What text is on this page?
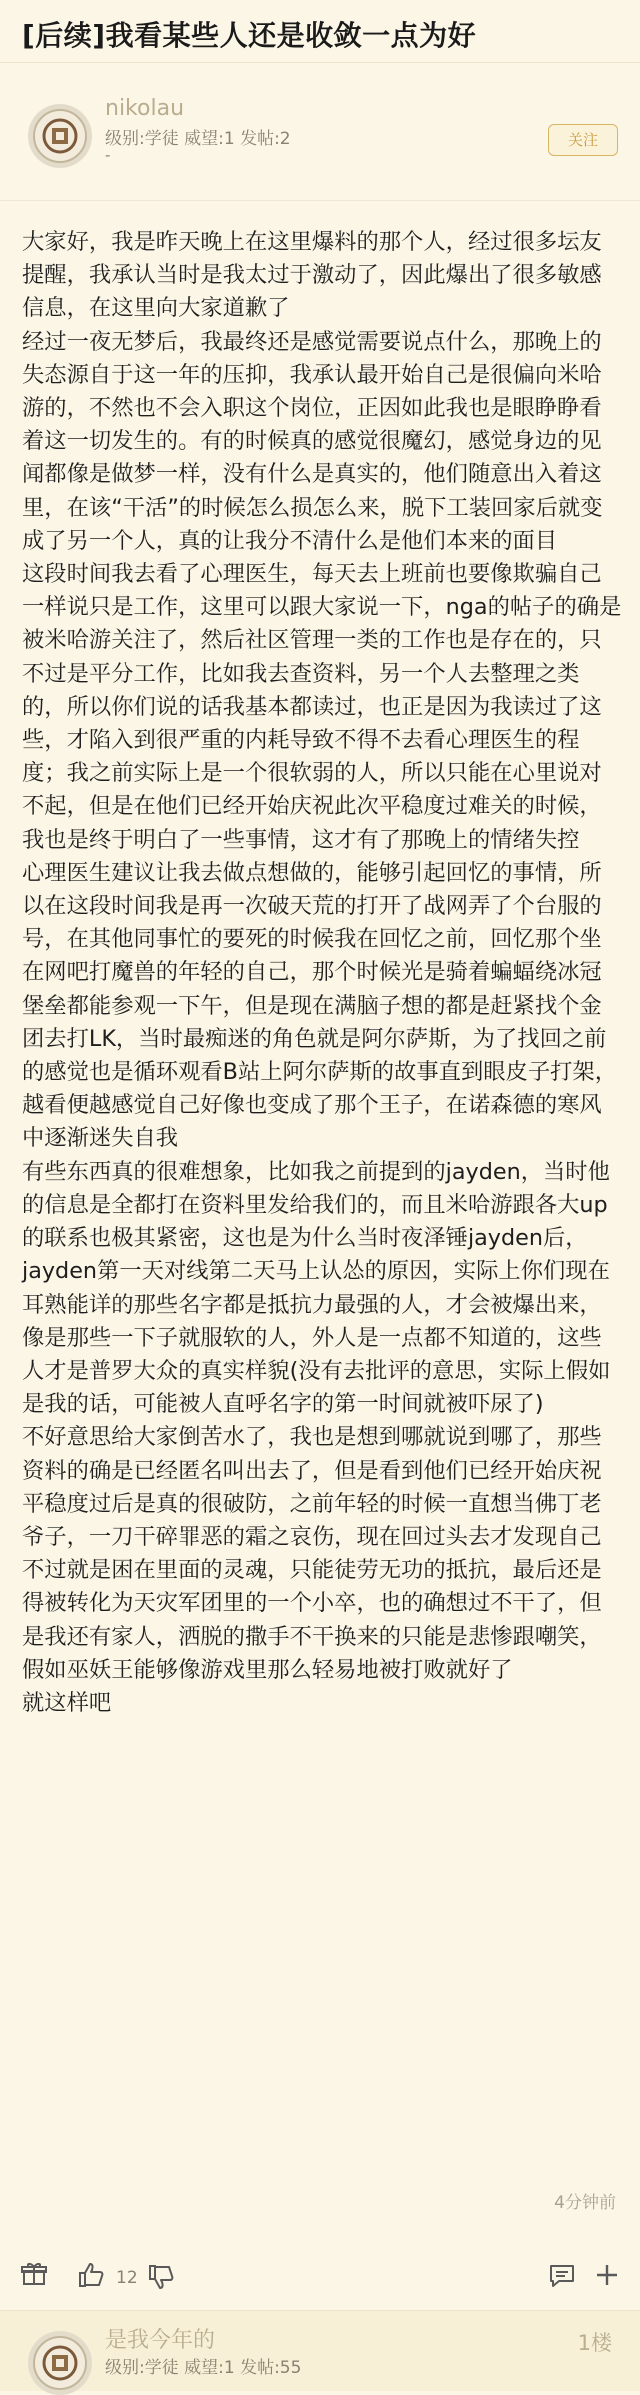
[后续]我看某些人还是收敛一点为好
nikolau
级别:学徒 威望:1 发帖:2
-
关注

大家好，我是昨天晚上在这里爆料的那个人，经过很多坛友提醒，我承认当时是我太过于激动了，因此爆出了很多敏感信息，在这里向大家道歉了

经过一夜无梦后，我最终还是感觉需要说点什么，那晚上的失态源自于这一年的压抑，我承认最开始自己是很偏向米哈游的，不然也不会入职这个岗位，正因如此我也是眼睁睁看着这一切发生的。有的时候真的感觉很魔幻，感觉身边的见闻都像是做梦一样，没有什么是真实的，他们随意出入着这里，在该“干活”的时候怎么损怎么来，脱下工装回家后就变成了另一个人，真的让我分不清什么是他们本来的面目

这段时间我去看了心理医生，每天去上班前也要像欺骗自己一样说只是工作，这里可以跟大家说一下，nga的帖子的确是被米哈游关注了，然后社区管理一类的工作也是存在的，只不过是平分工作，比如我去查资料，另一个人去整理之类的，所以你们说的话我基本都读过，也正是因为我读过了这些，才陷入到很严重的内耗导致不得不去看心理医生的程度；我之前实际上是一个很软弱的人，所以只能在心里说对不起，但是在他们已经开始庆祝此次平稳度过难关的时候，我也是终于明白了一些事情，这才有了那晚上的情绪失控

心理医生建议让我去做点想做的，能够引起回忆的事情，所以在这段时间我是再一次破天荒的打开了战网弄了个台服的号，在其他同事忙的要死的时候我在回忆之前，回忆那个坐在网吧打魔兽的年轻的自己，那个时候光是骑着蝙蝠绕冰冠堡垒都能参观一下午，但是现在满脑子想的都是赶紧找个金团去打LK，当时最痴迷的角色就是阿尔萨斯，为了找回之前的感觉也是循环观看B站上阿尔萨斯的故事直到眼皮子打架，越看便越感觉自己好像也变成了那个王子，在诺森德的寒风中逐渐迷失自我

有些东西真的很难想象，比如我之前提到的jayden，当时他的信息是全都打在资料里发给我们的，而且米哈游跟各大up的联系也极其紧密，这也是为什么当时夜泽锤jayden后，jayden第一天对线第二天马上认怂的原因，实际上你们现在耳熟能详的那些名字都是抵抗力最强的人，才会被爆出来，像是那些一下子就服软的人，外人是一点都不知道的，这些人才是普罗大众的真实样貌(没有去批评的意思，实际上假如是我的话，可能被人直呼名字的第一时间就被吓尿了)

不好意思给大家倒苦水了，我也是想到哪就说到哪了，那些资料的确是已经匿名叫出去了，但是看到他们已经开始庆祝平稳度过后是真的很破防，之前年轻的时候一直想当佛丁老爷子，一刀干碎罪恶的霜之哀伤，现在回过头去才发现自己不过就是困在里面的灵魂，只能徒劳无功的抵抗，最后还是得被转化为天灾军团里的一个小卒，也的确想过不干了，但是我还有家人，洒脱的撒手不干换来的只能是悲惨跟嘲笑，假如巫妖王能够像游戏里那么轻易地被打败就好了

就这样吧

4分钟前
12
是我今年的
级别:学徒 威望:1 发帖:55
1楼
